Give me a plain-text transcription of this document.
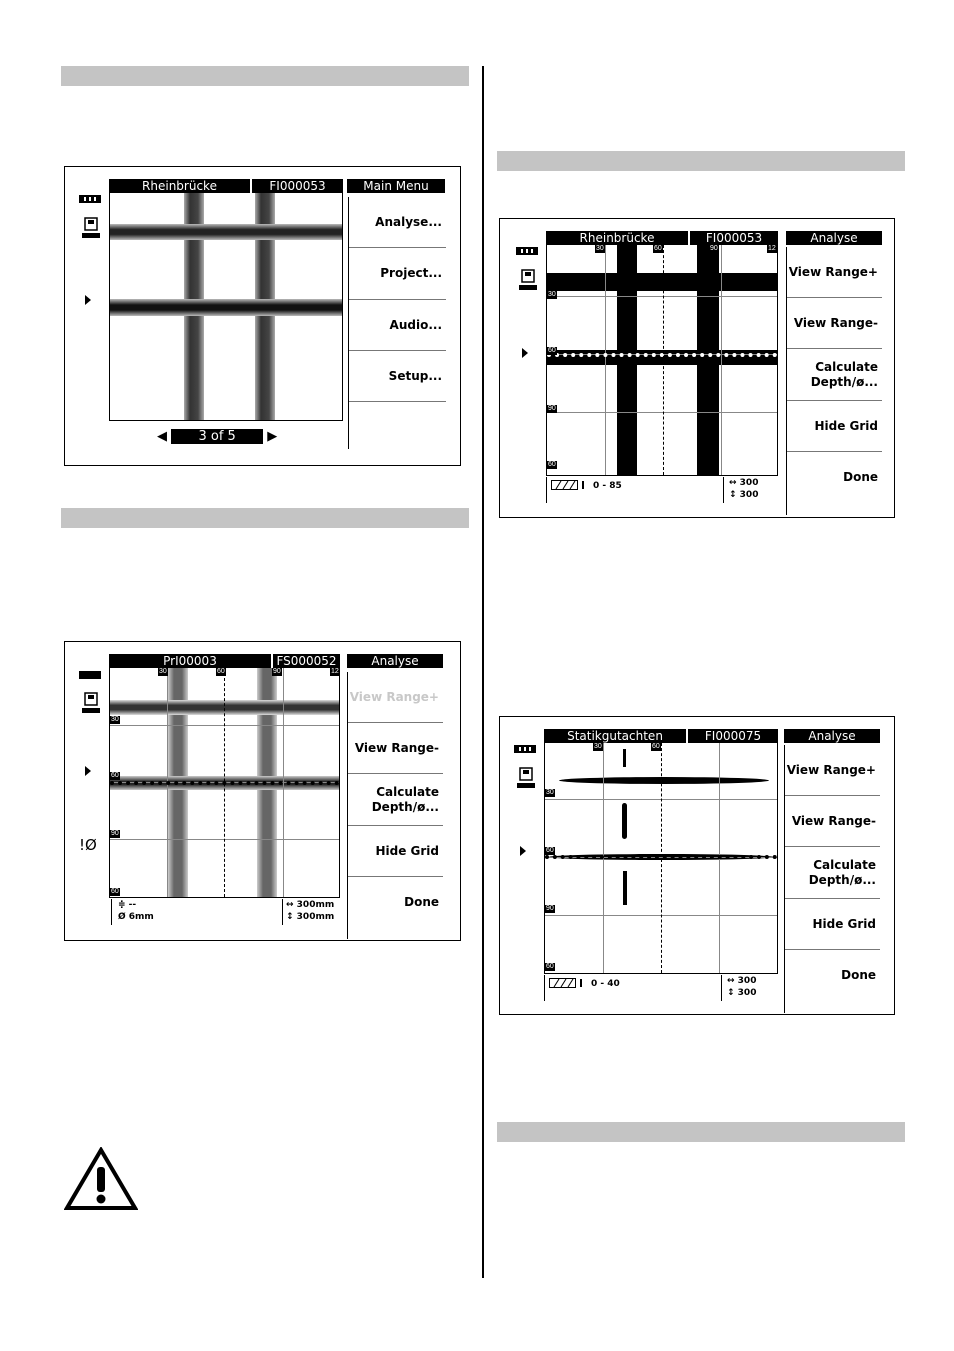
Rheinbrücke	FI000053	Main Menu
Analyse...
Project...
Audio...
Setup...
◀ 3 of 5 ▶
!Ø
PrI00003	FS000052	Analyse
30
60
90
60
30	60	90	12
≑ --
Ø 6mm
↔ 300mm
↕ 300mm
View Range+
View Range-
Calculate
Depth/ø...
Hide Grid
Done
Rheinbrücke	FI000053	Analyse
30
60
90
60
30	60	90	12
0 - 85	↔ 300
↕ 300
View Range+
View Range-
Calculate
Depth/ø...
Hide Grid
Done
Statikgutachten	FI000075	Analyse
30
60
90
60
30	60
0 - 40	↔ 300
↕ 300
View Range+
View Range-
Calculate
Depth/ø...
Hide Grid
Done
